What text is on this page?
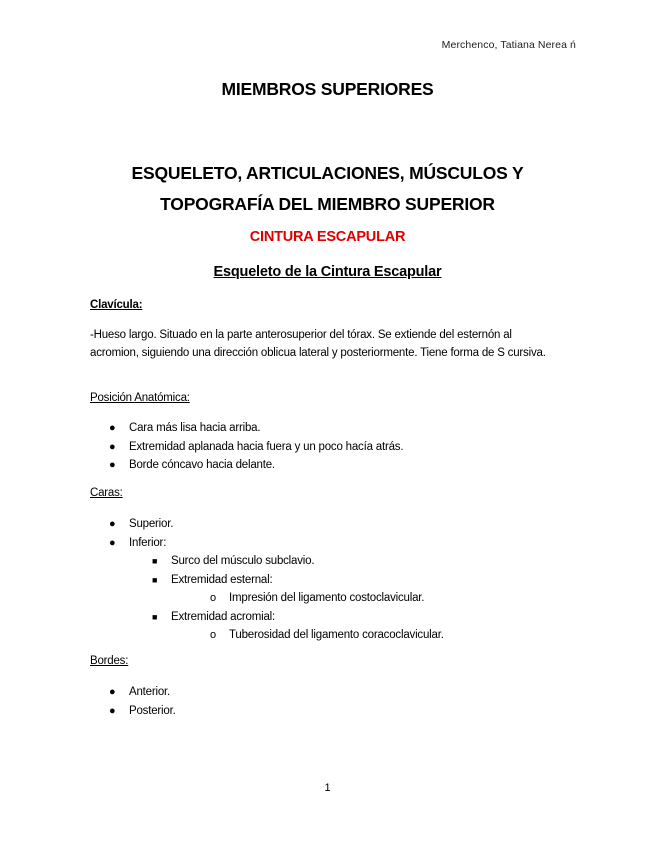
Merchenco, Tatiana Nerea ń
MIEMBROS SUPERIORES
ESQUELETO, ARTICULACIONES, MÚSCULOS Y
TOPOGRAFÍA DEL MIEMBRO SUPERIOR
CINTURA ESCAPULAR
Esqueleto de la Cintura Escapular
Clavícula:
-Hueso largo. Situado en la parte anterosuperior del tórax. Se extiende del esternón al acromion, siguiendo una dirección oblicua lateral y posteriormente. Tiene forma de S cursiva.
Posición Anatómica:
● Cara más lisa hacia arriba.
● Extremidad aplanada hacia fuera y un poco hacía atrás.
● Borde cóncavo hacia delante.
Caras:
● Superior.
● Inferior:
■ Surco del músculo subclavio.
■ Extremidad esternal:
o Impresión del ligamento costoclavicular.
■ Extremidad acromial:
o Tuberosidad del ligamento coracoclavicular.
Bordes:
● Anterior.
● Posterior.
1
